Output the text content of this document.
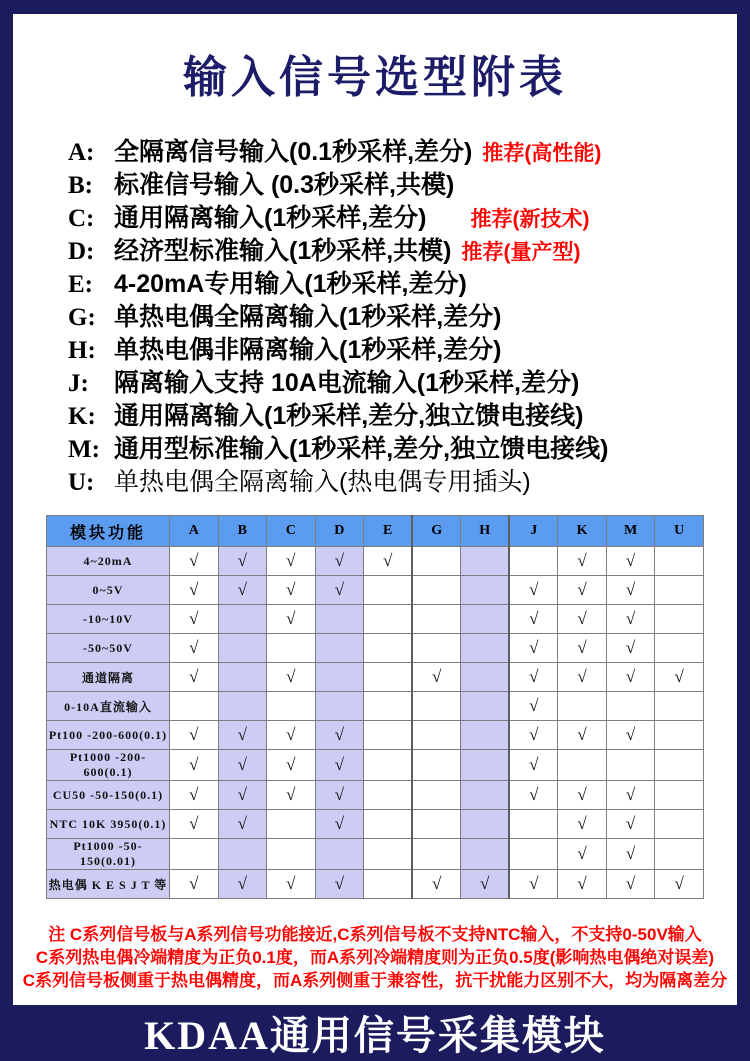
输入信号选型附表
A: 全隔离信号输入(0.1秒采样,差分) 推荐(高性能)
B: 标准信号输入 (0.3秒采样,共模)
C: 通用隔离输入(1秒采样,差分) 推荐(新技术)
D: 经济型标准输入(1秒采样,共模) 推荐(量产型)
E: 4-20mA专用输入(1秒采样,差分)
G: 单热电偶全隔离输入(1秒采样,差分)
H: 单热电偶非隔离输入(1秒采样,差分)
J: 隔离输入支持 10A电流输入(1秒采样,差分)
K: 通用隔离输入(1秒采样,差分,独立馈电接线)
M: 通用型标准输入(1秒采样,差分,独立馈电接线)
U: 单热电偶全隔离输入(热电偶专用插头)
模块功能	A	B	C	D	E	G	H	J	K	M	U
4~20mA	√	√	√	√	√				√	√	
0~5V	√	√	√	√				√	√	√	
-10~10V	√		√					√	√	√	
-50~50V	√							√	√	√	
通道隔离	√		√			√		√	√	√	√
0-10A直流输入								√			
Pt100 -200-600(0.1)	√	√	√	√				√	√	√	
Pt1000 -200-600(0.1)	√	√	√	√				√			
CU50 -50-150(0.1)	√	√	√	√				√	√	√	
NTC 10K 3950(0.1)	√	√		√					√	√	
Pt1000 -50-150(0.01)									√	√	
热电偶 K E S J T 等	√	√	√	√		√	√	√	√	√	√
注 C系列信号板与A系列信号功能接近,C系列信号板不支持NTC输入，不支持0-50V输入
C系列热电偶冷端精度为正负0.1度，而A系列冷端精度则为正负0.5度(影响热电偶绝对误差)
C系列信号板侧重于热电偶精度，而A系列侧重于兼容性，抗干扰能力区别不大，均为隔离差分
KDAA通用信号采集模块
